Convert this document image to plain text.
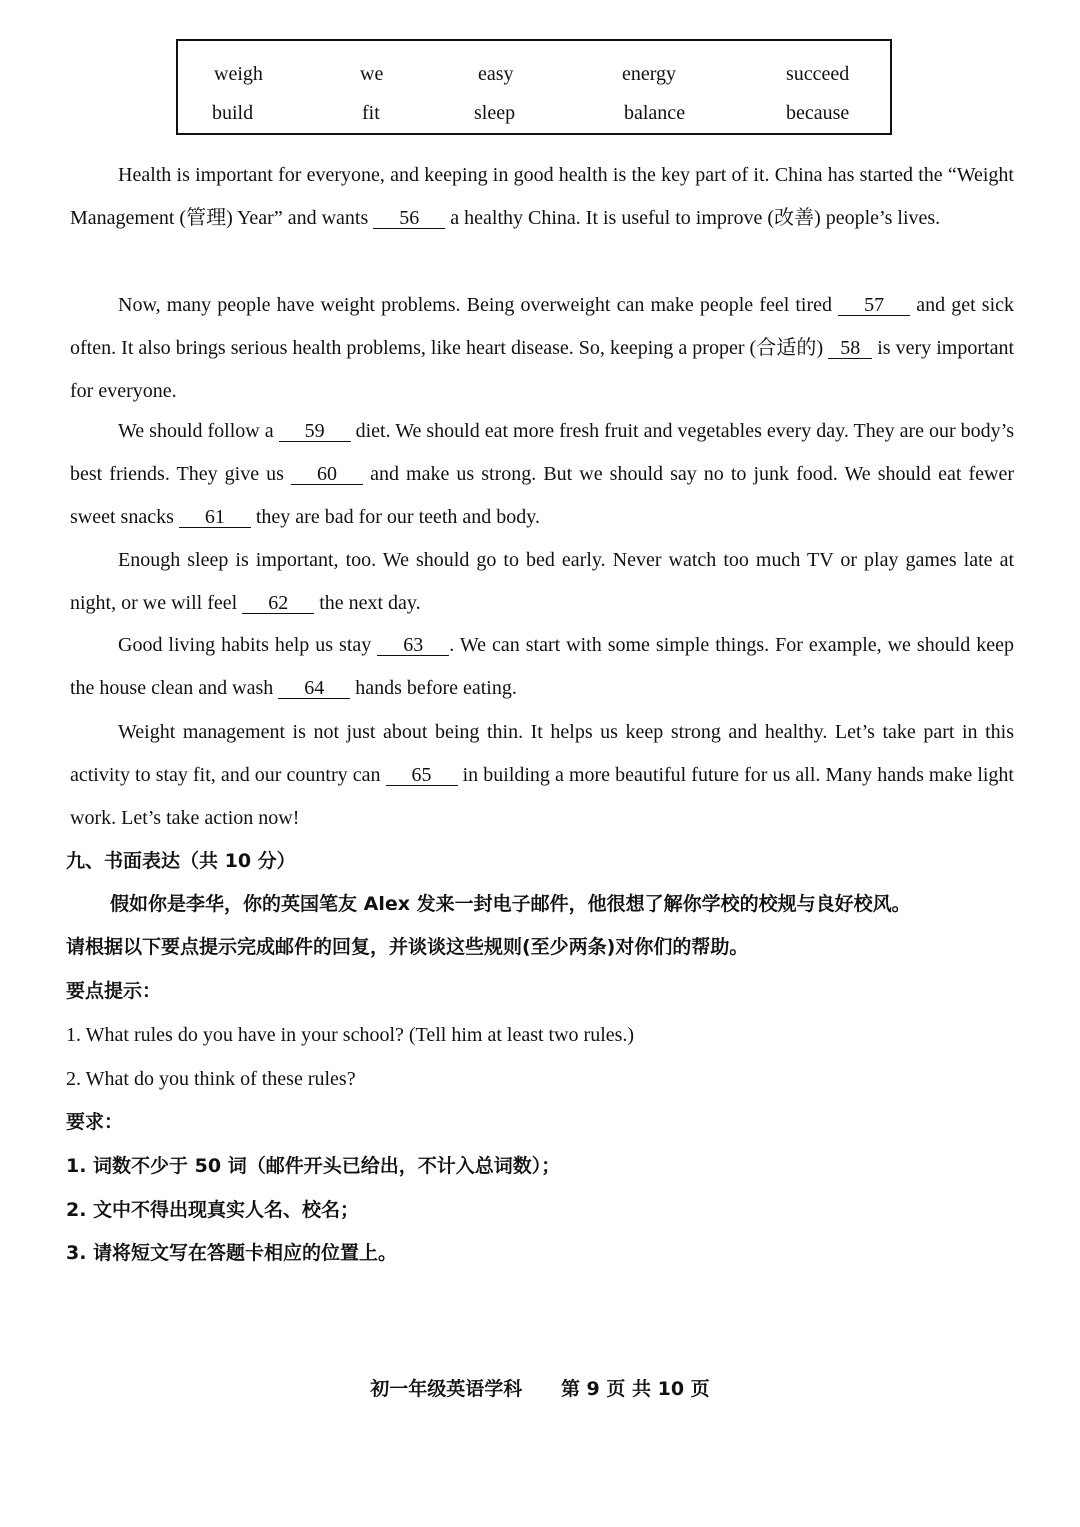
weigh	we	easy	energy	succeed
build	fit	sleep	balance	because

Health is important for everyone, and keeping in good health is the key part of it. China has started the “Weight Management (管理) Year” and wants 56 a healthy China. It is useful to improve (改善) people’s lives.

Now, many people have weight problems. Being overweight can make people feel tired 57 and get sick often. It also brings serious health problems, like heart disease. So, keeping a proper (合适的) 58 is very important for everyone.

We should follow a 59 diet. We should eat more fresh fruit and vegetables every day. They are our body’s best friends. They give us 60 and make us strong. But we should say no to junk food. We should eat fewer sweet snacks 61 they are bad for our teeth and body.

Enough sleep is important, too. We should go to bed early. Never watch too much TV or play games late at night, or we will feel 62 the next day.

Good living habits help us stay 63 . We can start with some simple things. For example, we should keep the house clean and wash 64 hands before eating.

Weight management is not just about being thin. It helps us keep strong and healthy. Let’s take part in this activity to stay fit, and our country can 65 in building a more beautiful future for us all. Many hands make light work. Let’s take action now!

九、书面表达（共 10 分）
假如你是李华，你的英国笔友 Alex 发来一封电子邮件，他很想了解你学校的校规与良好校风。
请根据以下要点提示完成邮件的回复，并谈谈这些规则(至少两条)对你们的帮助。
要点提示：
1. What rules do you have in your school? (Tell him at least two rules.)
2. What do you think of these rules?
要求：
1. 词数不少于 50 词（邮件开头已给出，不计入总词数）；
2. 文中不得出现真实人名、校名；
3. 请将短文写在答题卡相应的位置上。
初一年级英语学科 第 9 页 共 10 页
